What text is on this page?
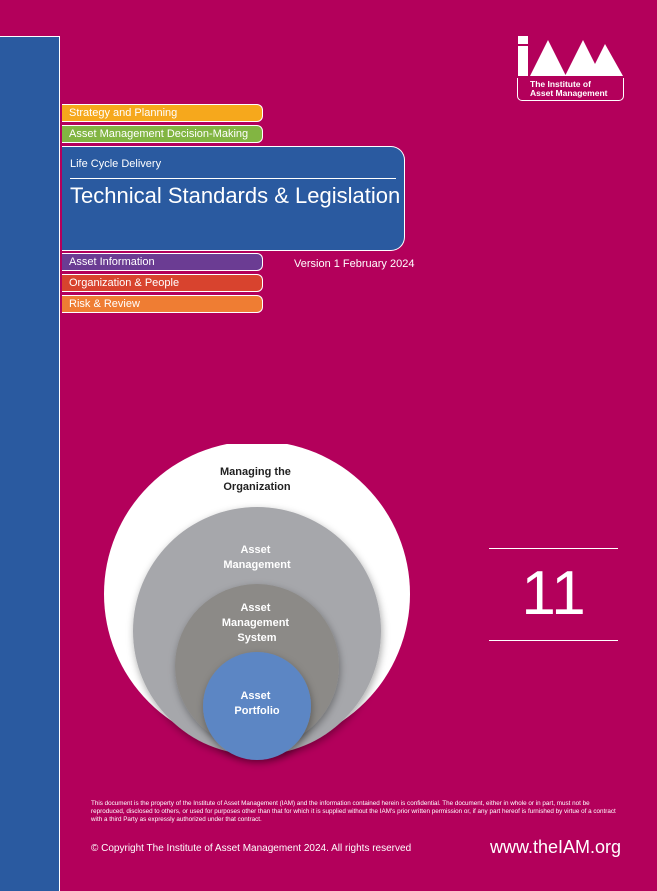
The Institute of
Asset Management
Strategy and Planning
Asset Management Decision-Making
Life Cycle Delivery
Technical Standards & Legislation
Version 1 February 2024
Asset Information
Organization & People
Risk & Review
Managing the Organization
Asset Management
Asset Management System
Asset Portfolio
11
This document is the property of the Institute of Asset Management (IAM) and the information contained herein is confidential. The document, either in whole or in part, must not be reproduced, disclosed to others, or used for purposes other than that for which it is supplied without the IAM's prior written permission or, if any part hereof is furnished by virtue of a contract with a third Party as expressly authorized under that contract.
© Copyright The Institute of Asset Management 2024. All rights reserved	www.theIAM.org
